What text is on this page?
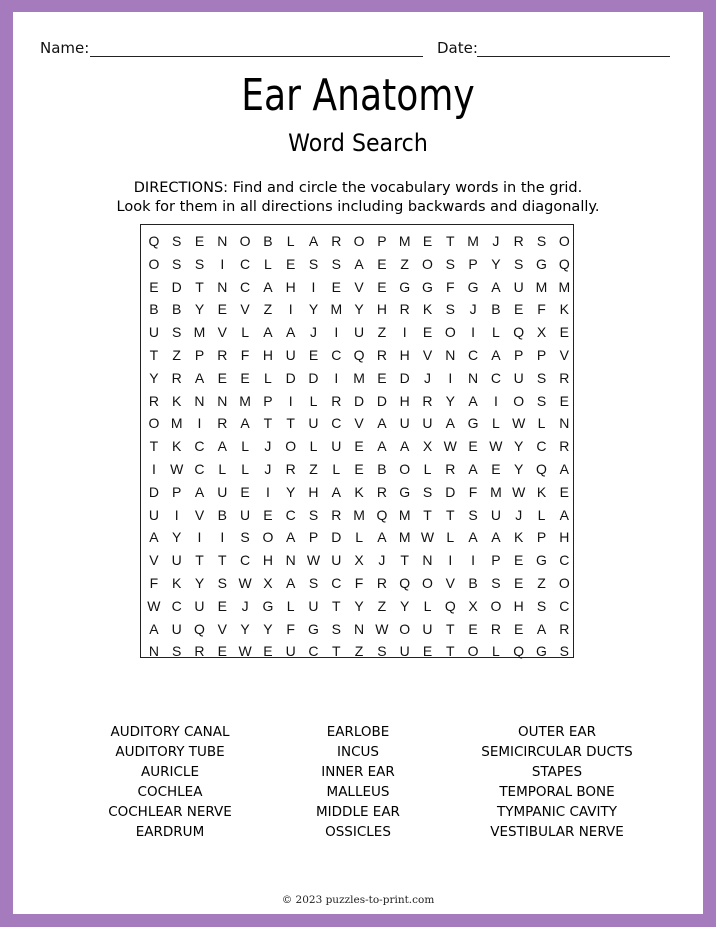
Name:	Date:
Ear Anatomy
Word Search
DIRECTIONS: Find and circle the vocabulary words in the grid.
Look for them in all directions including backwards and diagonally.
Q S E N O B	L	A R O P M E T M J	R S O
O S S	I	C L	E S S A E Z O S P Y S G Q
E D T N C A H	I	E V E G G F G A U M M
B B Y E V Z	I	Y M Y H R K S	J	B E F K
U S M V	L	A A	J	I	U Z	I	E O	I	L Q X E
T	Z P R F H U E C Q R H V N C A P P V
Y R A E E	L D D	I	M E D	J	I	N C U S R
R K N N M P	I	L R D D H R Y A	I	O S E
O M	I	R A T	T U C V A U U A G L W L N
T K C A	L	J O L U E A A X W E W Y C R
I	W C L	L	J	R Z	L	E B O L R A E Y Q A
D P A U E	I	Y H A K R G S D F M W K E
U	I	V B U E C S R M Q M T	T S U	J	L	A
A Y	I	I	S O A P D L	A M W L	A A K P H
V U T	T C H N W U X	J	T N	I	I	P E G C
F K Y S W X A S C F R Q O V B S E Z O
W C U E	J G L U T Y Z Y	L Q X O H S C
A U Q V Y Y F G S N W O U T E R E A R
N S R E W E U C T	Z S U E T O L Q G S
AUDITORY CANAL
AUDITORY TUBE
AURICLE
COCHLEA
COCHLEAR NERVE
EARDRUM
EARLOBE
INCUS
INNER EAR
MALLEUS
MIDDLE EAR
OSSICLES
OUTER EAR
SEMICIRCULAR DUCTS
STAPES
TEMPORAL BONE
TYMPANIC CAVITY
VESTIBULAR NERVE
© 2023 puzzles-to-print.com
